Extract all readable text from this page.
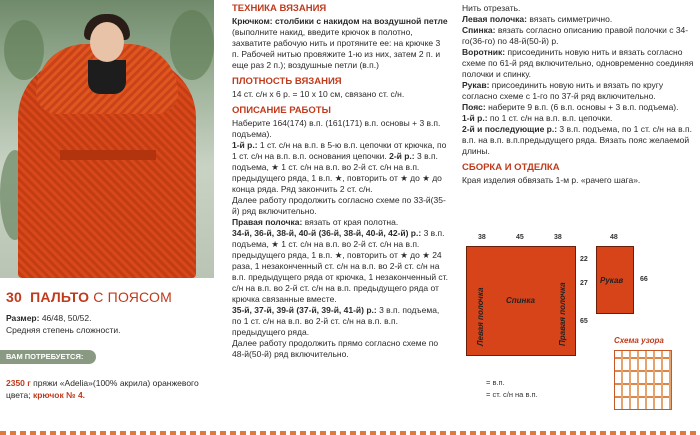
30 ПАЛЬТО С ПОЯСОМ
Размер: 46/48, 50/52.
Средняя степень сложности.
ВАМ ПОТРЕБУЕТСЯ:
2350 г пряжи «Adelia»(100% акрила) оранжевого цвета; крючок № 4.
ТЕХНИКА ВЯЗАНИЯ

Крючком: столбики с накидом на воздушной петле (выполните накид, введите крючок в полотно, захватите рабочую нить и протяните ее: на крючке 3 п. Рабочей нитью провяжите 1-ю из них, затем 2 п. и еще раз 2 п.); воздушные петли (в.п.)

ПЛОТНОСТЬ ВЯЗАНИЯ

14 ст. с/н х 6 р. = 10 х 10 см, связано ст. с/н.

ОПИСАНИЕ РАБОТЫ

Наберите 164(174) в.п. (161(171) в.п. основы + 3 в.п. подъема).

1-й р.: 1 ст. с/н на в.п. в 5-ю в.п. цепочки от крючка, по 1 ст. с/н на в.п. в.п. основания цепочки. 2-й р.: 3 в.п. подъема, ★ 1 ст. с/н на в.п. во 2-й ст. с/н на в.п. предыдущего ряда, 1 в.п. ★, повторить от ★ до ★ до конца ряда. Ряд закончить 2 ст. с/н.

Далее работу продолжить согласно схеме по 33-й(35-й) ряд включительно.

Правая полочка: вязать от края полотна.

34-й, 36-й, 38-й, 40-й (36-й, 38-й, 40-й, 42-й) р.: 3 в.п. подъема, ★ 1 ст. с/н на в.п. во 2-й ст. с/н на в.п. предыдущего ряда, 1 в.п. ★, повторить от ★ до ★ 24 раза, 1 незаконченный ст. с/н на в.п. во 2-й ст. с/н на в.п. предыдущего ряда от крючка, 1 незаконченный ст. с/н на в.п. во 2-й ст. с/н на в.п. предыдущего ряда от крючка связанные вместе.

35-й, 37-й, 39-й (37-й, 39-й, 41-й) р.: 3 в.п. подъема, по 1 ст. с/н на в.п. во 2-й ст. с/н на в.п. в.п. предыдущего ряда.

Далее работу продолжить прямо согласно схеме по 48-й(50-й) ряд включительно.

Нить отрезать.

Левая полочка: вязать симметрично.

Спинка: вязать согласно описанию правой полочки с 34-го(36-го) по 48-й(50-й) р.

Воротник: присоединить новую нить и вязать согласно схеме по 61-й ряд включительно, одновременно соединяя полочки и спинку.

Рукав: присоединить новую нить и вязать по кругу согласно схеме с 1-го по 37-й ряд включительно.

Пояс: наберите 9 в.п. (6 в.п. основы + 3 в.п. подъема).

1-й р.: по 1 ст. с/н на в.п. в.п. цепочки.

2-й и последующие р.: 3 в.п. подъема, по 1 ст. с/н на в.п. в.п. на в.п. в.п.предыдущего ряда. Вязать пояс желаемой длины.

СБОРКА И ОТДЕЛКА

Края изделия обвязать 1-м р. «рачего шага».

38	45	38
Левая полочка	Спинка	Правая полочка
22
27
65
48
Рукав 66
Схема узора
= в.п.
= ст. с/н на в.п.
